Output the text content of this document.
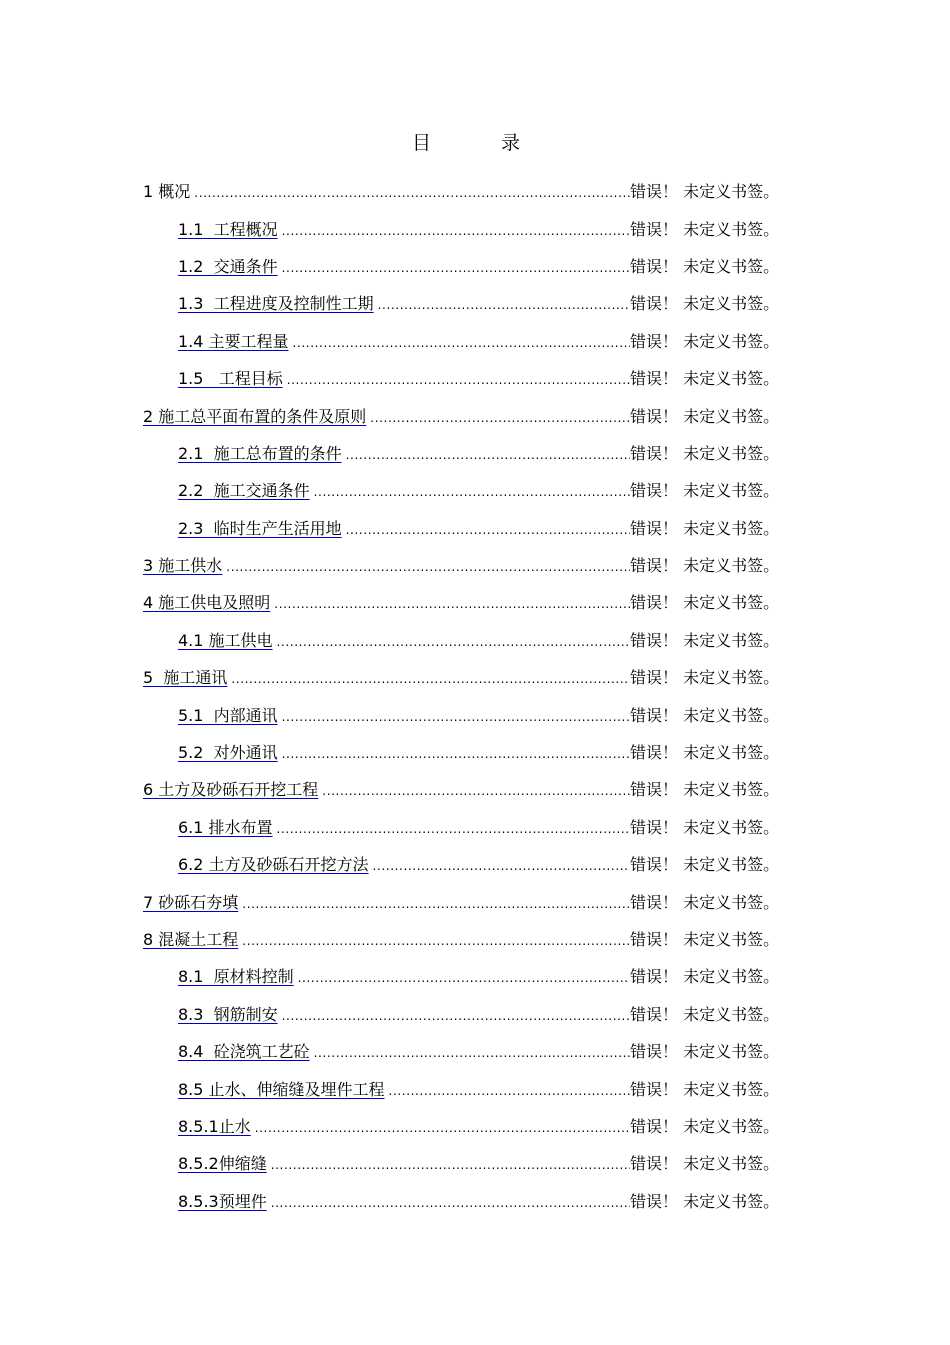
目 录
1 概况 .....	错误！ 未定义书签。
1.1  工程概况 .....	错误！ 未定义书签。
1.2  交通条件 .....	错误！ 未定义书签。
1.3  工程进度及控制性工期 .....	错误！ 未定义书签。
1.4 主要工程量 .....	错误！ 未定义书签。
1.5   工程目标 .....	错误！ 未定义书签。
2 施工总平面布置的条件及原则 .....	错误！ 未定义书签。
2.1  施工总布置的条件 .....	错误！ 未定义书签。
2.2  施工交通条件 .....	错误！ 未定义书签。
2.3  临时生产生活用地 .....	错误！ 未定义书签。
3 施工供水 .....	错误！ 未定义书签。
4 施工供电及照明 .....	错误！ 未定义书签。
4.1 施工供电 .....	错误！ 未定义书签。
5  施工通讯 .....	错误！ 未定义书签。
5.1  内部通讯 .....	错误！ 未定义书签。
5.2  对外通讯 .....	错误！ 未定义书签。
6 土方及砂砾石开挖工程 .....	错误！ 未定义书签。
6.1 排水布置 .....	错误！ 未定义书签。
6.2 土方及砂砾石开挖方法 .....	错误！ 未定义书签。
7 砂砾石夯填 .....	错误！ 未定义书签。
8 混凝土工程 .....	错误！ 未定义书签。
8.1  原材料控制 .....	错误！ 未定义书签。
8.3  钢筋制安 .....	错误！ 未定义书签。
8.4  砼浇筑工艺砼 .....	错误！ 未定义书签。
8.5 止水、伸缩缝及埋件工程 .....	错误！ 未定义书签。
8.5.1止水 .....	错误！ 未定义书签。
8.5.2伸缩缝 .....	错误！ 未定义书签。
8.5.3预埋件 .....	错误！ 未定义书签。
